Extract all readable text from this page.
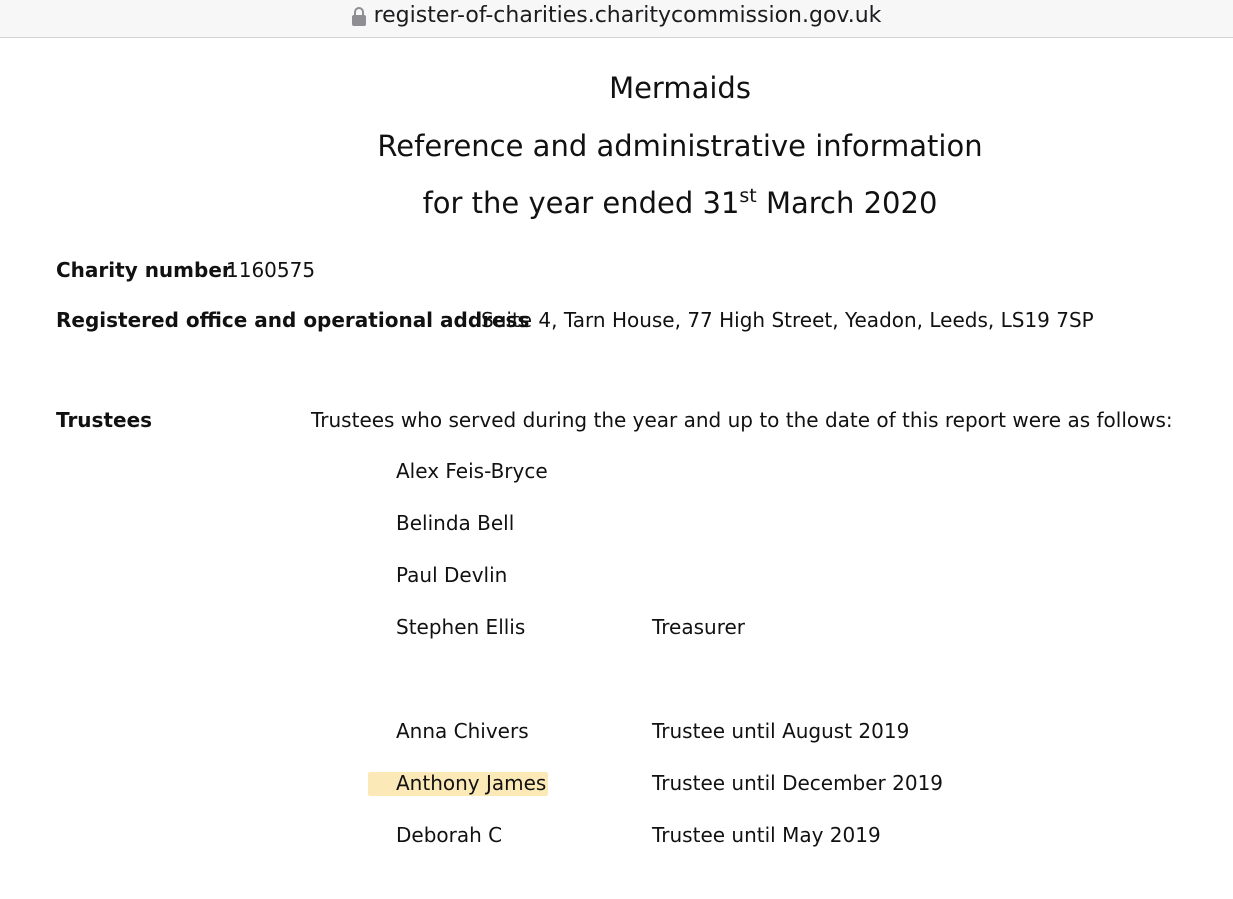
register-of-charities.charitycommission.gov.uk
Mermaids
Reference and administrative information
for the year ended 31st March 2020
Charity number
1160575
Registered office and operational address
Suite 4, Tarn House, 77 High Street, Yeadon, Leeds, LS19 7SP
Trustees	Trustees who served during the year and up to the date of this report were as follows:
Alex Feis-Bryce
Belinda Bell
Paul Devlin
Stephen Ellis	Treasurer
Anna Chivers	Trustee until August 2019
Anthony James	Trustee until December 2019
Deborah C	Trustee until May 2019
